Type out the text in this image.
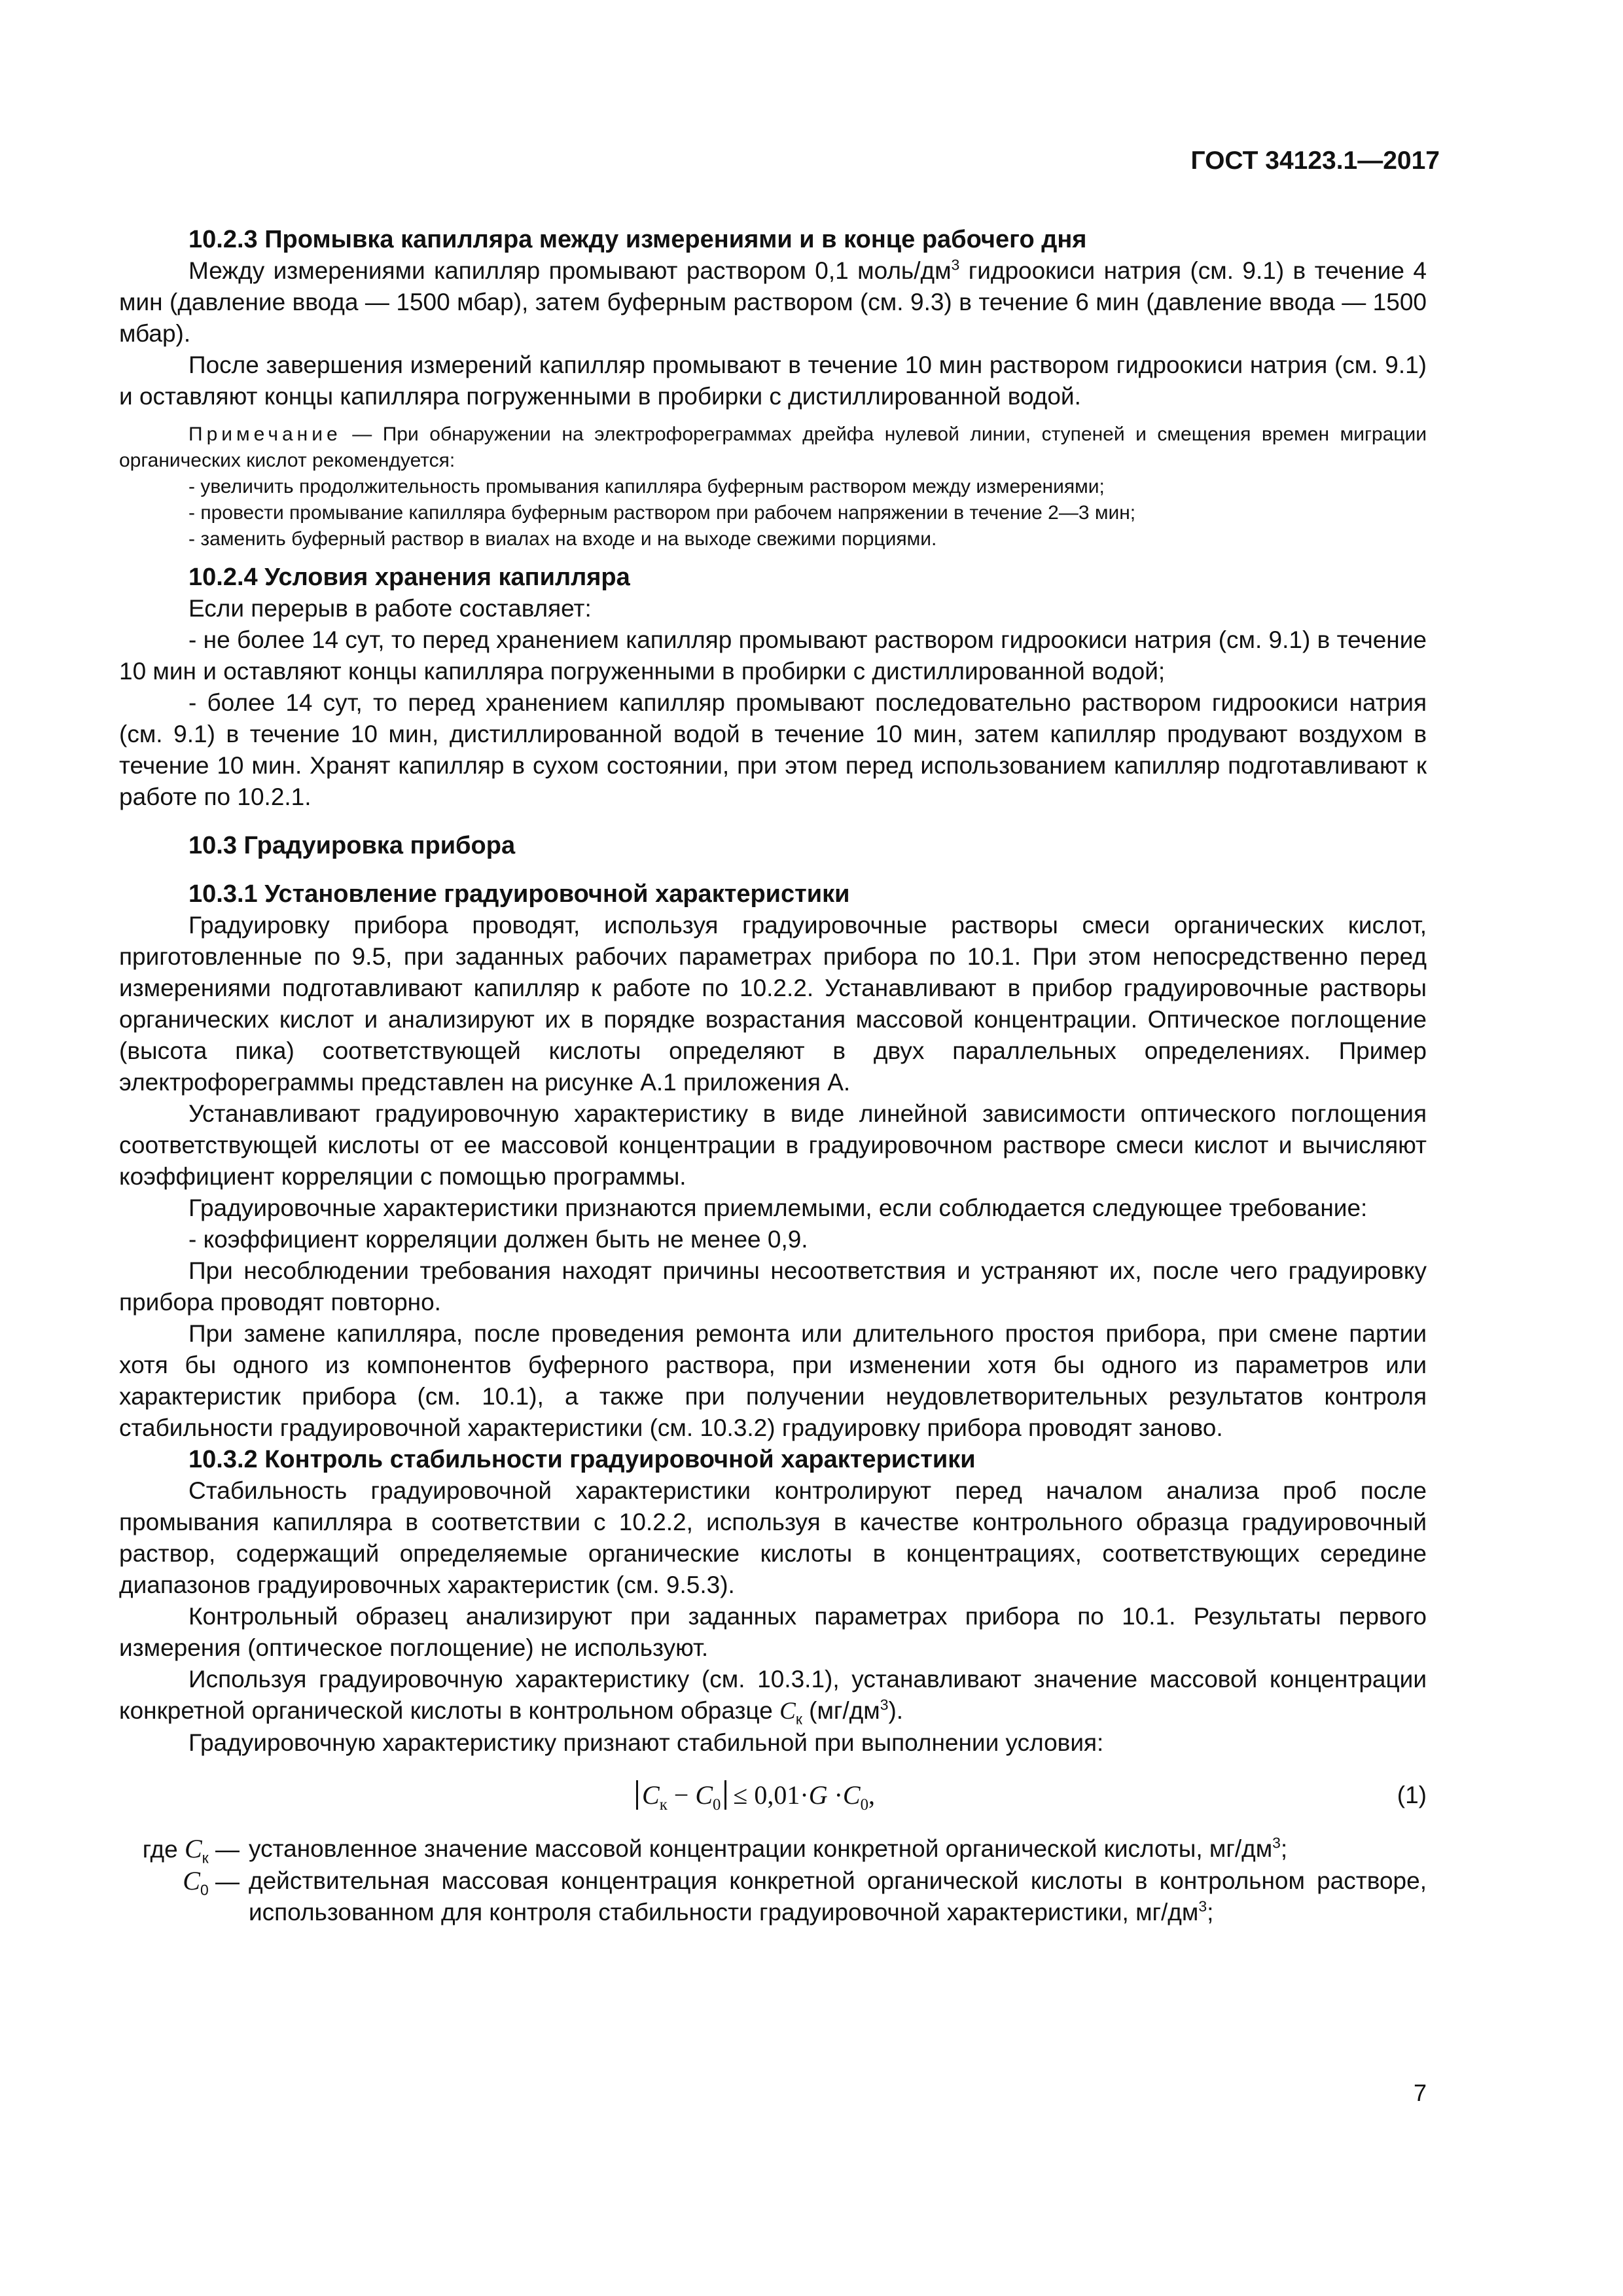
ГОСТ 34123.1—2017
10.2.3 Промывка капилляра между измерениями и в конце рабочего дня

Между измерениями капилляр промывают раствором 0,1 моль/$дм^3$ гидроокиси натрия (см. 9.1) в течение 4 мин (давление ввода — 1500 мбар), затем буферным раствором (см. 9.3) в течение 6 мин (давление ввода — 1500 мбар).

После завершения измерений капилляр промывают в течение 10 мин раствором гидроокиси натрия (см. 9.1) и оставляют концы капилляра погруженными в пробирки с дистиллированной водой.

Примечание — При обнаружении на электрофореграммах дрейфа нулевой линии, ступеней и смещения времен миграции органических кислот рекомендуется:

- увеличить продолжительность промывания капилляра буферным раствором между измерениями;

- провести промывание капилляра буферным раствором при рабочем напряжении в течение 2—3 мин;

- заменить буферный раствор в виалах на входе и на выходе свежими порциями.

10.2.4 Условия хранения капилляра

Если перерыв в работе составляет:

- не более 14 сут, то перед хранением капилляр промывают раствором гидроокиси натрия (см. 9.1) в течение 10 мин и оставляют концы капилляра погруженными в пробирки с дистиллированной водой;

- более 14 сут, то перед хранением капилляр промывают последовательно раствором гидроокиси натрия (см. 9.1) в течение 10 мин, дистиллированной водой в течение 10 мин, затем капилляр продувают воздухом в течение 10 мин. Хранят капилляр в сухом состоянии, при этом перед использованием капилляр подготавливают к работе по 10.2.1.

10.3 Градуировка прибора
10.3.1 Установление градуировочной характеристики

Градуировку прибора проводят, используя градуировочные растворы смеси органических кислот, приготовленные по 9.5, при заданных рабочих параметрах прибора по 10.1. При этом непосредственно перед измерениями подготавливают капилляр к работе по 10.2.2. Устанавливают в прибор градуировочные растворы органических кислот и анализируют их в порядке возрастания массовой концентрации. Оптическое поглощение (высота пика) соответствующей кислоты определяют в двух параллельных определениях. Пример электрофореграммы представлен на рисунке А.1 приложения А.

Устанавливают градуировочную характеристику в виде линейной зависимости оптического поглощения соответствующей кислоты от ее массовой концентрации в градуировочном растворе смеси кислот и вычисляют коэффициент корреляции с помощью программы.

Градуировочные характеристики признаются приемлемыми, если соблюдается следующее требование:

- коэффициент корреляции должен быть не менее 0,9.

При несоблюдении требования находят причины несоответствия и устраняют их, после чего градуировку прибора проводят повторно.

При замене капилляра, после проведения ремонта или длительного простоя прибора, при смене партии хотя бы одного из компонентов буферного раствора, при изменении хотя бы одного из параметров или характеристик прибора (см. 10.1), а также при получении неудовлетворительных результатов контроля стабильности градуировочной характеристики (см. 10.3.2) градуировку прибора проводят заново.

10.3.2 Контроль стабильности градуировочной характеристики

Стабильность градуировочной характеристики контролируют перед началом анализа проб после промывания капилляра в соответствии с 10.2.2, используя в качестве контрольного образца градуировочный раствор, содержащий определяемые органические кислоты в концентрациях, соответствующих середине диапазонов градуировочных характеристик (см. 9.5.3).

Контрольный образец анализируют при заданных параметрах прибора по 10.1. Результаты первого измерения (оптическое поглощение) не используют.

Используя градуировочную характеристику (см. 10.3.1), устанавливают значение массовой концентрации конкретной органической кислоты в контрольном образце $C_к$ $(мг/дм^3)$.

Градуировочную характеристику признают стабильной при выполнении условия:

$C_к - C_0 \le 0,01\cdot G \cdot C_0$,	(1)
где $C_к$ — установленное значение массовой концентрации конкретной органической кислоты, $мг/дм^3$;
$C_0$ — действительная массовая концентрация конкретной органической кислоты в контрольном растворе, использованном для контроля стабильности градуировочной характеристики, $мг/дм^3$;
7
